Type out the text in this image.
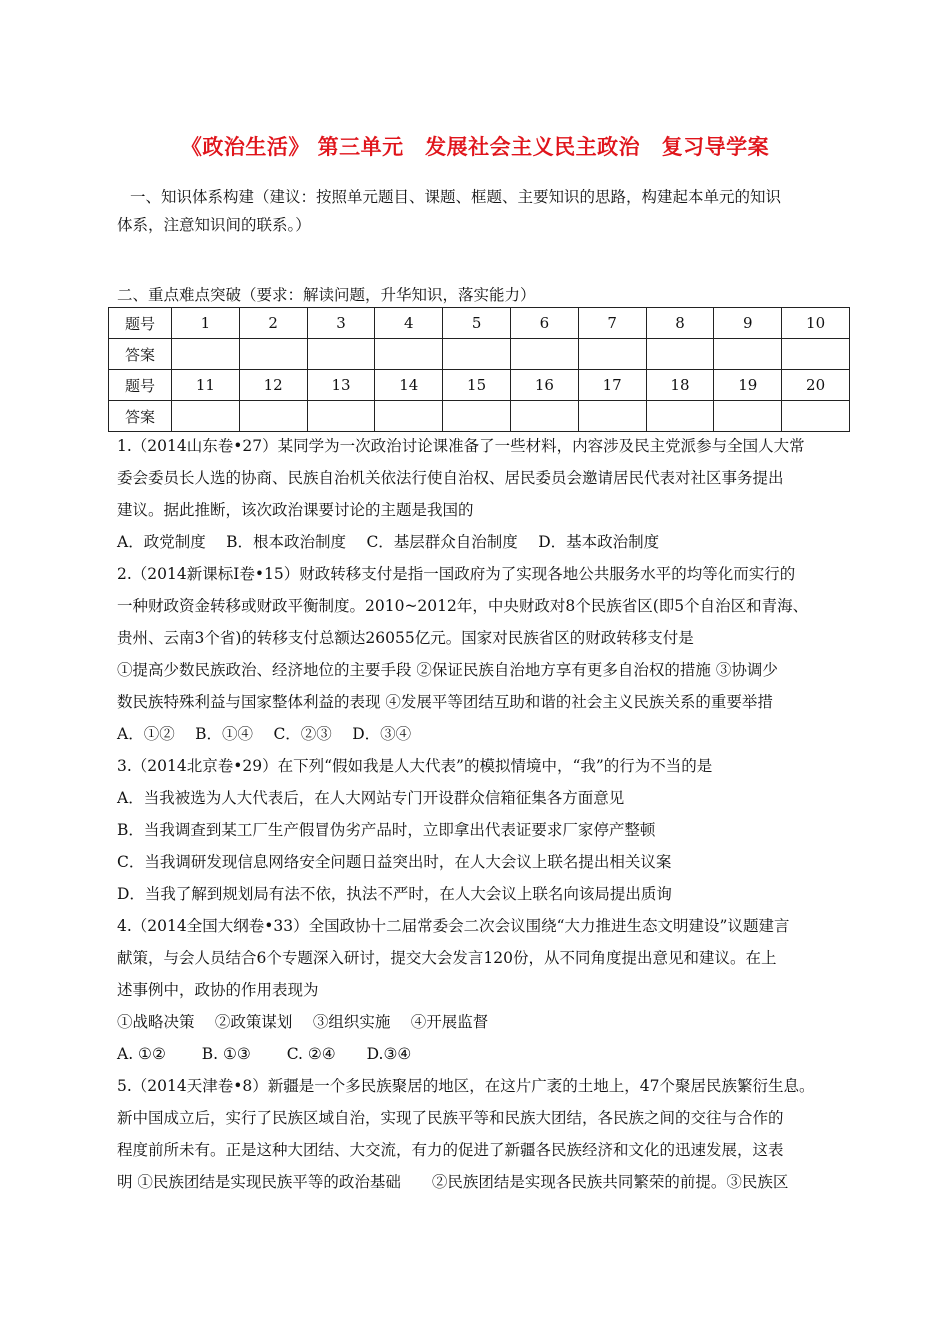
《政治生活》 第三单元　发展社会主义民主政治　复习导学案
一、知识体系构建（建议：按照单元题目、课题、框题、主要知识的思路，构建起本单元的知识
体系，注意知识间的联系。）
二、重点难点突破（要求：解读问题，升华知识，落实能力）
题号	1	2	3	4	5	6	7	8	9	10
答案										
题号	11	12	13	14	15	16	17	18	19	20
答案										
1.（2014山东卷•27）某同学为一次政治讨论课准备了一些材料，内容涉及民主党派参与全国人大常
委会委员长人选的协商、民族自治机关依法行使自治权、居民委员会邀请居民代表对社区事务提出
建议。据此推断，该次政治课要讨论的主题是我国的
A．政党制度　 B．根本政治制度　 C．基层群众自治制度　 D．基本政治制度
2.（2014新课标Ⅰ卷•15）财政转移支付是指一国政府为了实现各地公共服务水平的均等化而实行的
一种财政资金转移或财政平衡制度。2010~2012年，中央财政对8个民族省区(即5个自治区和青海、
贵州、云南3个省)的转移支付总额达26055亿元。国家对民族省区的财政转移支付是
①提高少数民族政治、经济地位的主要手段 ②保证民族自治地方享有更多自治权的措施 ③协调少
数民族特殊利益与国家整体利益的表现 ④发展平等团结互助和谐的社会主义民族关系的重要举措
A．①②　 B．①④　 C．②③　 D．③④
3.（2014北京卷•29）在下列“假如我是人大代表”的模拟情境中，“我”的行为不当的是
A．当我被选为人大代表后，在人大网站专门开设群众信箱征集各方面意见
B．当我调查到某工厂生产假冒伪劣产品时，立即拿出代表证要求厂家停产整顿
C．当我调研发现信息网络安全问题日益突出时，在人大会议上联名提出相关议案
D．当我了解到规划局有法不依，执法不严时，在人大会议上联名向该局提出质询
4.（2014全国大纲卷•33）全国政协十二届常委会二次会议围绕“大力推进生态文明建设”议题建言
献策，与会人员结合6个专题深入研讨，提交大会发言120份，从不同角度提出意见和建议。在上
述事例中，政协的作用表现为
①战略决策　 ②政策谋划　 ③组织实施　 ④开展监督
A. ①②　　 B. ①③　　 C. ②④　　D.③④
5.（2014天津卷•8）新疆是一个多民族聚居的地区，在这片广袤的土地上，47个聚居民族繁衍生息。
新中国成立后，实行了民族区域自治，实现了民族平等和民族大团结，各民族之间的交往与合作的
程度前所未有。正是这种大团结、大交流，有力的促进了新疆各民族经济和文化的迅速发展，这表
明 ①民族团结是实现民族平等的政治基础　　②民族团结是实现各民族共同繁荣的前提。③民族区
